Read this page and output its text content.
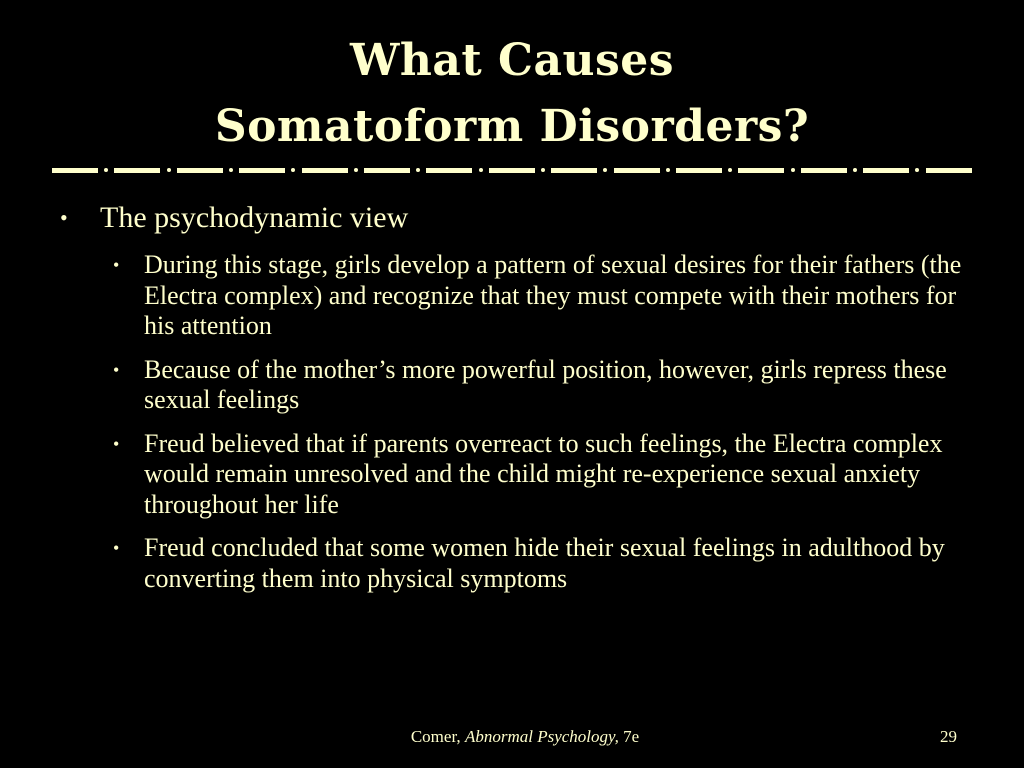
What Causes
Somatoform Disorders?
• The psychodynamic view
• During this stage, girls develop a pattern of sexual desires for their fathers (the Electra complex) and recognize that they must compete with their mothers for his attention
• Because of the mother’s more powerful position, however, girls repress these sexual feelings
• Freud believed that if parents overreact to such feelings, the Electra complex would remain unresolved and the child might re-experience sexual anxiety throughout her life
• Freud concluded that some women hide their sexual feelings in adulthood by converting them into physical symptoms
Comer, Abnormal Psychology, 7e	29
